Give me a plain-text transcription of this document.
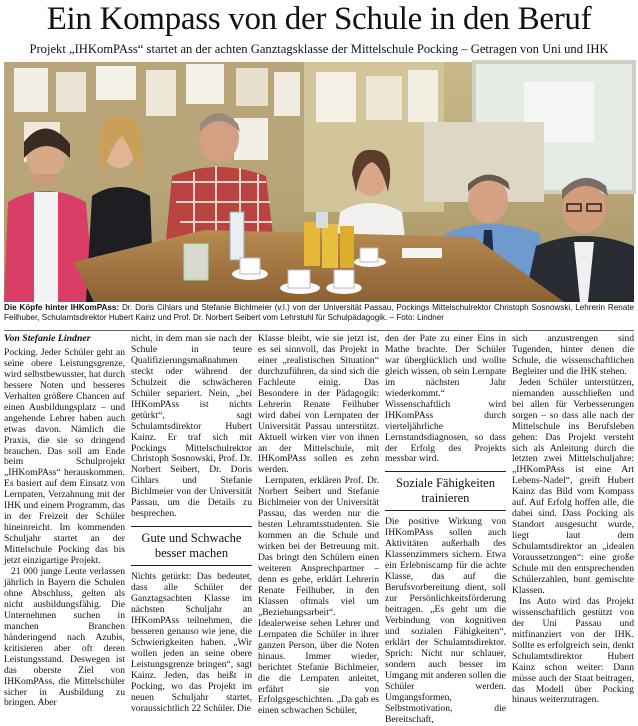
Ein Kompass von der Schule in den Beruf
Projekt „IHKomPAss“ startet an der achten Ganztagsklasse der Mittelschule Pocking – Getragen von Uni und IHK
Die Köpfe hinter IHKomPAss: Dr. Doris Cihlars und Stefanie Bichlmeier (v.l.) von der Universität Passau, Pockings Mittelschulrektor Christoph Sosnowski, Lehrerin Renate Feilhuber, Schulamtsdirektor Hubert Kainz und Prof. Dr. Norbert Seibert vom Lehrstuhl für Schulpädagogik. – Foto: Lindner
Von Stefanie Lindner

Pocking. Jeder Schüler geht an seine obere Leistungsgrenze, wird selbstbewusster, hat durch bessere Noten und besseres Verhalten größere Chancen auf einen Ausbildungsplatz – und angehende Lehrer haben auch etwas davon. Nämlich die Praxis, die sie so dringend brauchen. Das soll am Ende beim Schulprojekt „IHKomPAss“ herauskommen. Es basiert auf dem Einsatz von Lernpaten, Verzahnung mit der IHK und einem Programm, das in der Freizeit der Schüler hineinreicht. Im kommenden Schuljahr startet an der Mittelschule Pocking das bis jetzt einzigartige Projekt.

21 000 junge Leute verlassen jährlich in Bayern die Schulen ohne Abschluss, gelten als nicht ausbildungsfähig. Die Unternehmen suchen in manchen Branchen händeringend nach Azubis, kritisieren aber oft deren Leistungsstand. Deswegen ist das oberste Ziel von IHKomPAss, die Mittelschüler sicher in Ausbildung zu bringen. Aber

nicht, in dem man sie nach der Schule in teure Qualifizierungsmaßnahmen steckt oder während der Schulzeit die schwächeren Schüler separiert. Nein, „bei IHKomPAss ist nichts getürkt“, sagt Schulamtsdirektor Hubert Kainz. Er traf sich mit Pockings Mittelschulrektor Christoph Sosnowski, Prof. Dr. Norbert Seibert, Dr. Doris Cihlars und Stefanie Bichlmeier von der Universität Passau, um die Details zu besprechen.

Gute und Schwache besser machen

Nichts getürkt: Das bedeutet, dass alle Schüler der Ganztagsachten Klasse im nächsten Schuljahr an IHKomPAss teilnehmen, die besseren genauso wie jene, die Schwierigkeiten haben. „Wir wollen jeden an seine obere Leistungsgrenze bringen“, sagt Kainz. Jeden, das heißt in Pocking, wo das Projekt im neuen Schuljahr startet, voraussichtlich 22 Schüler. Die

Klasse bleibt, wie sie jetzt ist, es sei sinnvoll, das Projekt in einer „realistischen Situation“ durchzuführen, da sind sich die Fachleute einig. Das Besondere in der Pädagogik: Lehrerin Renate Feilhuber wird dabei von Lernpaten der Universität Passau unterstützt. Aktuell wirken vier von ihnen an der Mittelschule, mit IHKomPAss sollen es zehn werden.

Lernpaten, erklären Prof. Dr. Norbert Seibert und Stefanie Bichlmeier von der Universität Passau, das werden nur die besten Lehramtsstudenten. Sie kommen an die Schule und wirken bei der Betreuung mit. Das bringt den Schülern einen weiteren Ansprechpartner – denn es gehe, erklärt Lehrerin Renate Feilhuber, in den Klassen oftmals viel um „Beziehungsarbeit“. Idealerweise sehen Lehrer und Lernpaten die Schüler in ihrer ganzen Person, über die Noten hinaus. Immer wieder, berichtet Stefanie Bichlmeier, die die Lernpaten anleitet, erfährt sie von Erfolgsgeschichten. „Da gab es einen schwachen Schüler,

den der Pate zu einer Eins in Mathe brachte. Der Schüler war überglücklich und wollte gleich wissen, ob sein Lernpate im nächsten Jahr wiederkommt.“ Wissenschaftlich wird IHKomPAss durch vierteljährliche Lernstandsdiagnosen, so dass der Erfolg des Projekts messbar wird.

Soziale Fähigkeiten trainieren

Die positive Wirkung von IHKomPAss sollen auch Aktivitäten außerhalb des Klassenzimmers sichern. Etwa ein Erlebniscamp für die achte Klasse, das auf die Berufsvorbereitung dient, soll zur Persönlichkeitsförderung beitragen. „Es geht um die Verbindung von kognitiven und sozialen Fähigkeiten“, erklärt der Schulamtsdirektor. Sprich: Nicht nur schlauer, sondern auch besser im Umgang mit anderen sollen die Schüler werden. Umgangsformen, Selbstmotivation, die Bereitschaft,

sich anzustrengen sind Tugenden, hinter denen die Schule, die wissenschaftlichen Begleiter und die IHK stehen.

Jeden Schüler unterstützen, niemanden ausschließen und bei allen für Verbesserungen sorgen – so dass alle nach der Mittelschule ins Berufsleben gehen: Das Projekt versteht sich als Anleitung durch die letzten zwei Mittelschuljahre: „IHKomPAss ist eine Art Lebens-Nadel“, greift Hubert Kainz das Bild vom Kompass auf. Auf Erfolg hoffen alle, die dabei sind. Dass Pocking als Standort ausgesucht wurde, liegt laut dem Schulamtsdirektor an „idealen Voraussetzungen“: eine große Schule mit den entsprechenden Schülerzahlen, bunt gemischte Klassen.

Ins Auto wird das Projekt wissenschaftlich gestützt von der Uni Passau und mitfinanziert von der IHK. Sollte es erfolgreich sein, denkt Schulamtsdirektor Hubert Kainz schon weiter: Dann müsse auch der Staat beitragen, das Modell über Pocking hinaus weiterzutragen.
